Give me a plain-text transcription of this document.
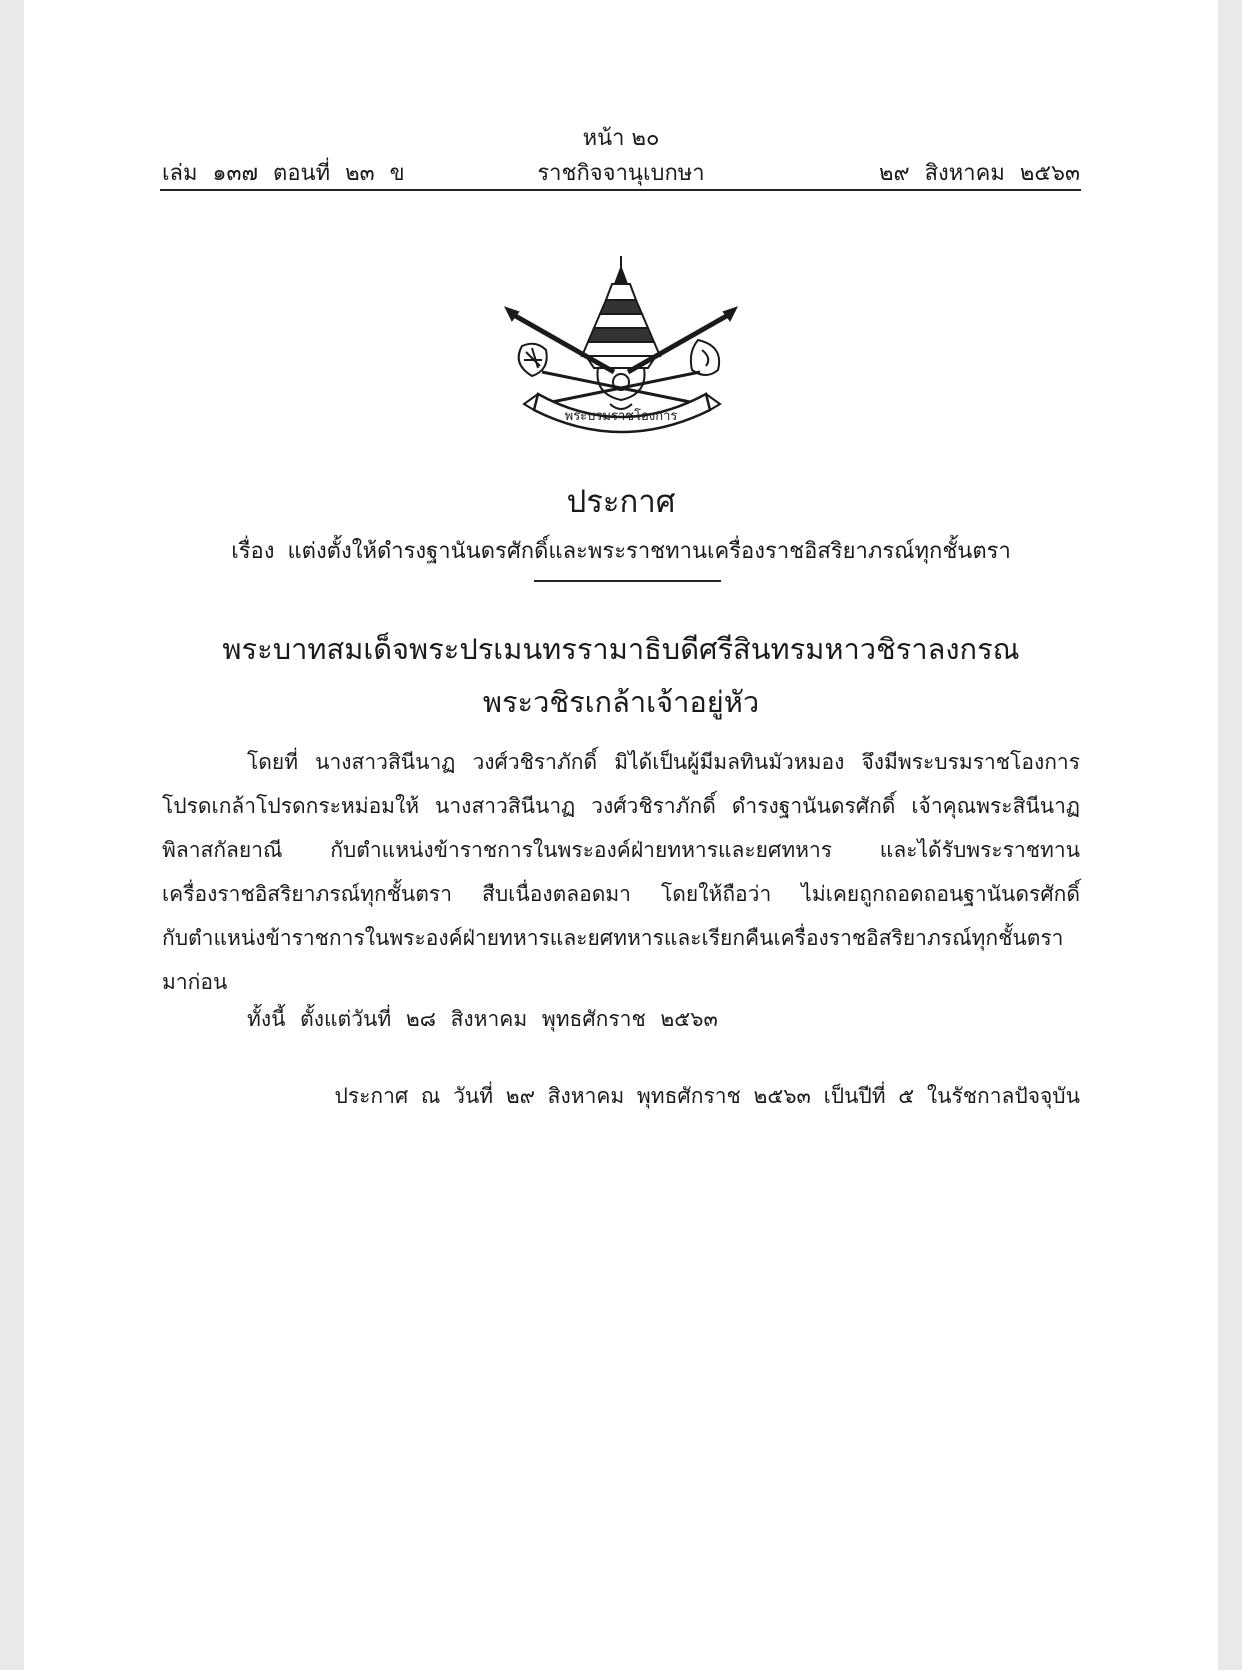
หน้า ๒๐
เล่ม ๑๓๗ ตอนที่ ๒๓ ข	ราชกิจจานุเบกษา	๒๙ สิงหาคม ๒๕๖๓
พระบรมราชโองการ
ประกาศ
เรื่อง แต่งตั้งให้ดำรงฐานันดรศักดิ์และพระราชทานเครื่องราชอิสริยาภรณ์ทุกชั้นตรา
พระบาทสมเด็จพระปรเมนทรรามาธิบดีศรีสินทรมหาวชิราลงกรณ
พระวชิรเกล้าเจ้าอยู่หัว
โดยที่ นางสาวสินีนาฏ วงศ์วชิราภักดิ์ มิได้เป็นผู้มีมลทินมัวหมอง จึงมีพระบรมราชโองการ
โปรดเกล้าโปรดกระหม่อมให้ นางสาวสินีนาฏ วงศ์วชิราภักดิ์ ดำรงฐานันดรศักดิ์ เจ้าคุณพระสินีนาฏ
พิลาสกัลยาณี กับตำแหน่งข้าราชการในพระองค์ฝ่ายทหารและยศทหาร และได้รับพระราชทาน
เครื่องราชอิสริยาภรณ์ทุกชั้นตรา สืบเนื่องตลอดมา โดยให้ถือว่า ไม่เคยถูกถอดถอนฐานันดรศักดิ์
กับตำแหน่งข้าราชการในพระองค์ฝ่ายทหารและยศทหารและเรียกคืนเครื่องราชอิสริยาภรณ์ทุกชั้นตรา
มาก่อน
ทั้งนี้ ตั้งแต่วันที่ ๒๘ สิงหาคม พุทธศักราช ๒๕๖๓
ประกาศ ณ วันที่ ๒๙ สิงหาคม พุทธศักราช ๒๕๖๓ เป็นปีที่ ๕ ในรัชกาลปัจจุบัน
